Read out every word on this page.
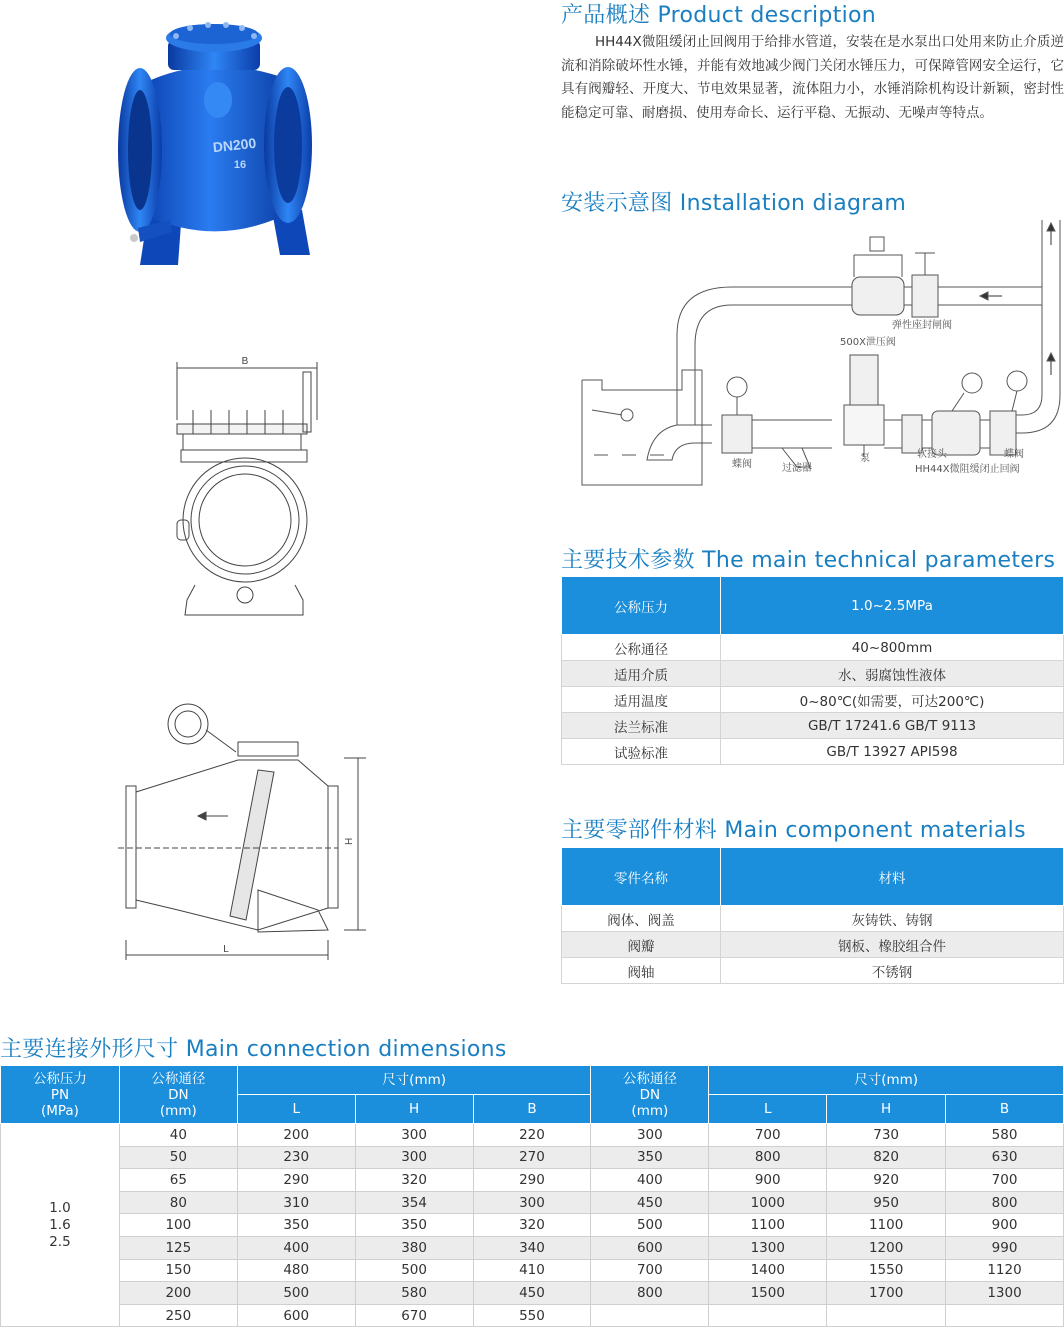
DN200
16
B
H
L
产品概述 Product description
HH44X微阻缓闭止回阀用于给排水管道，安装在是水泵出口处用来防止介质逆流和消除破坏性水锤，并能有效地减少阀门关闭水锤压力，可保障管网安全运行，它具有阀瓣轻、开度大、节电效果显著，流体阻力小，水锤消除机构设计新颖，密封性能稳定可靠、耐磨损、使用寿命长、运行平稳、无振动、无噪声等特点。
安装示意图 Installation diagram
弹性座封闸阀
500X泄压阀
蝶阀	过滤器
泵	软接头	蝶阀
HH44X微阻缓闭止回阀
主要技术参数 The main technical parameters
公称压力	1.0~2.5MPa
公称通径	40~800mm
适用介质	水、弱腐蚀性液体
适用温度	0~80℃(如需要，可达200℃)
法兰标准	GB/T 17241.6 GB/T 9113
试验标准	GB/T 13927 API598
主要零部件材料 Main component materials
零件名称	材料
阀体、阀盖	灰铸铁、铸钢
阀瓣	钢板、橡胶组合件
阀轴	不锈钢
主要连接外形尺寸 Main connection dimensions
公称压力
PN
(MPa)	公称通径
DN
(mm)	尺寸(mm)			公称通径
DN
(mm)	尺寸(mm)		
		L	H	B		L	H	B
1.0
1.6
2.5	40	200	300	220	300	700	730	580
	50	230	300	270	350	800	820	630
	65	290	320	290	400	900	920	700
	80	310	354	300	450	1000	950	800
	100	350	350	320	500	1100	1100	900
	125	400	380	340	600	1300	1200	990
	150	480	500	410	700	1400	1550	1120
	200	500	580	450	800	1500	1700	1300
	250	600	670	550				
